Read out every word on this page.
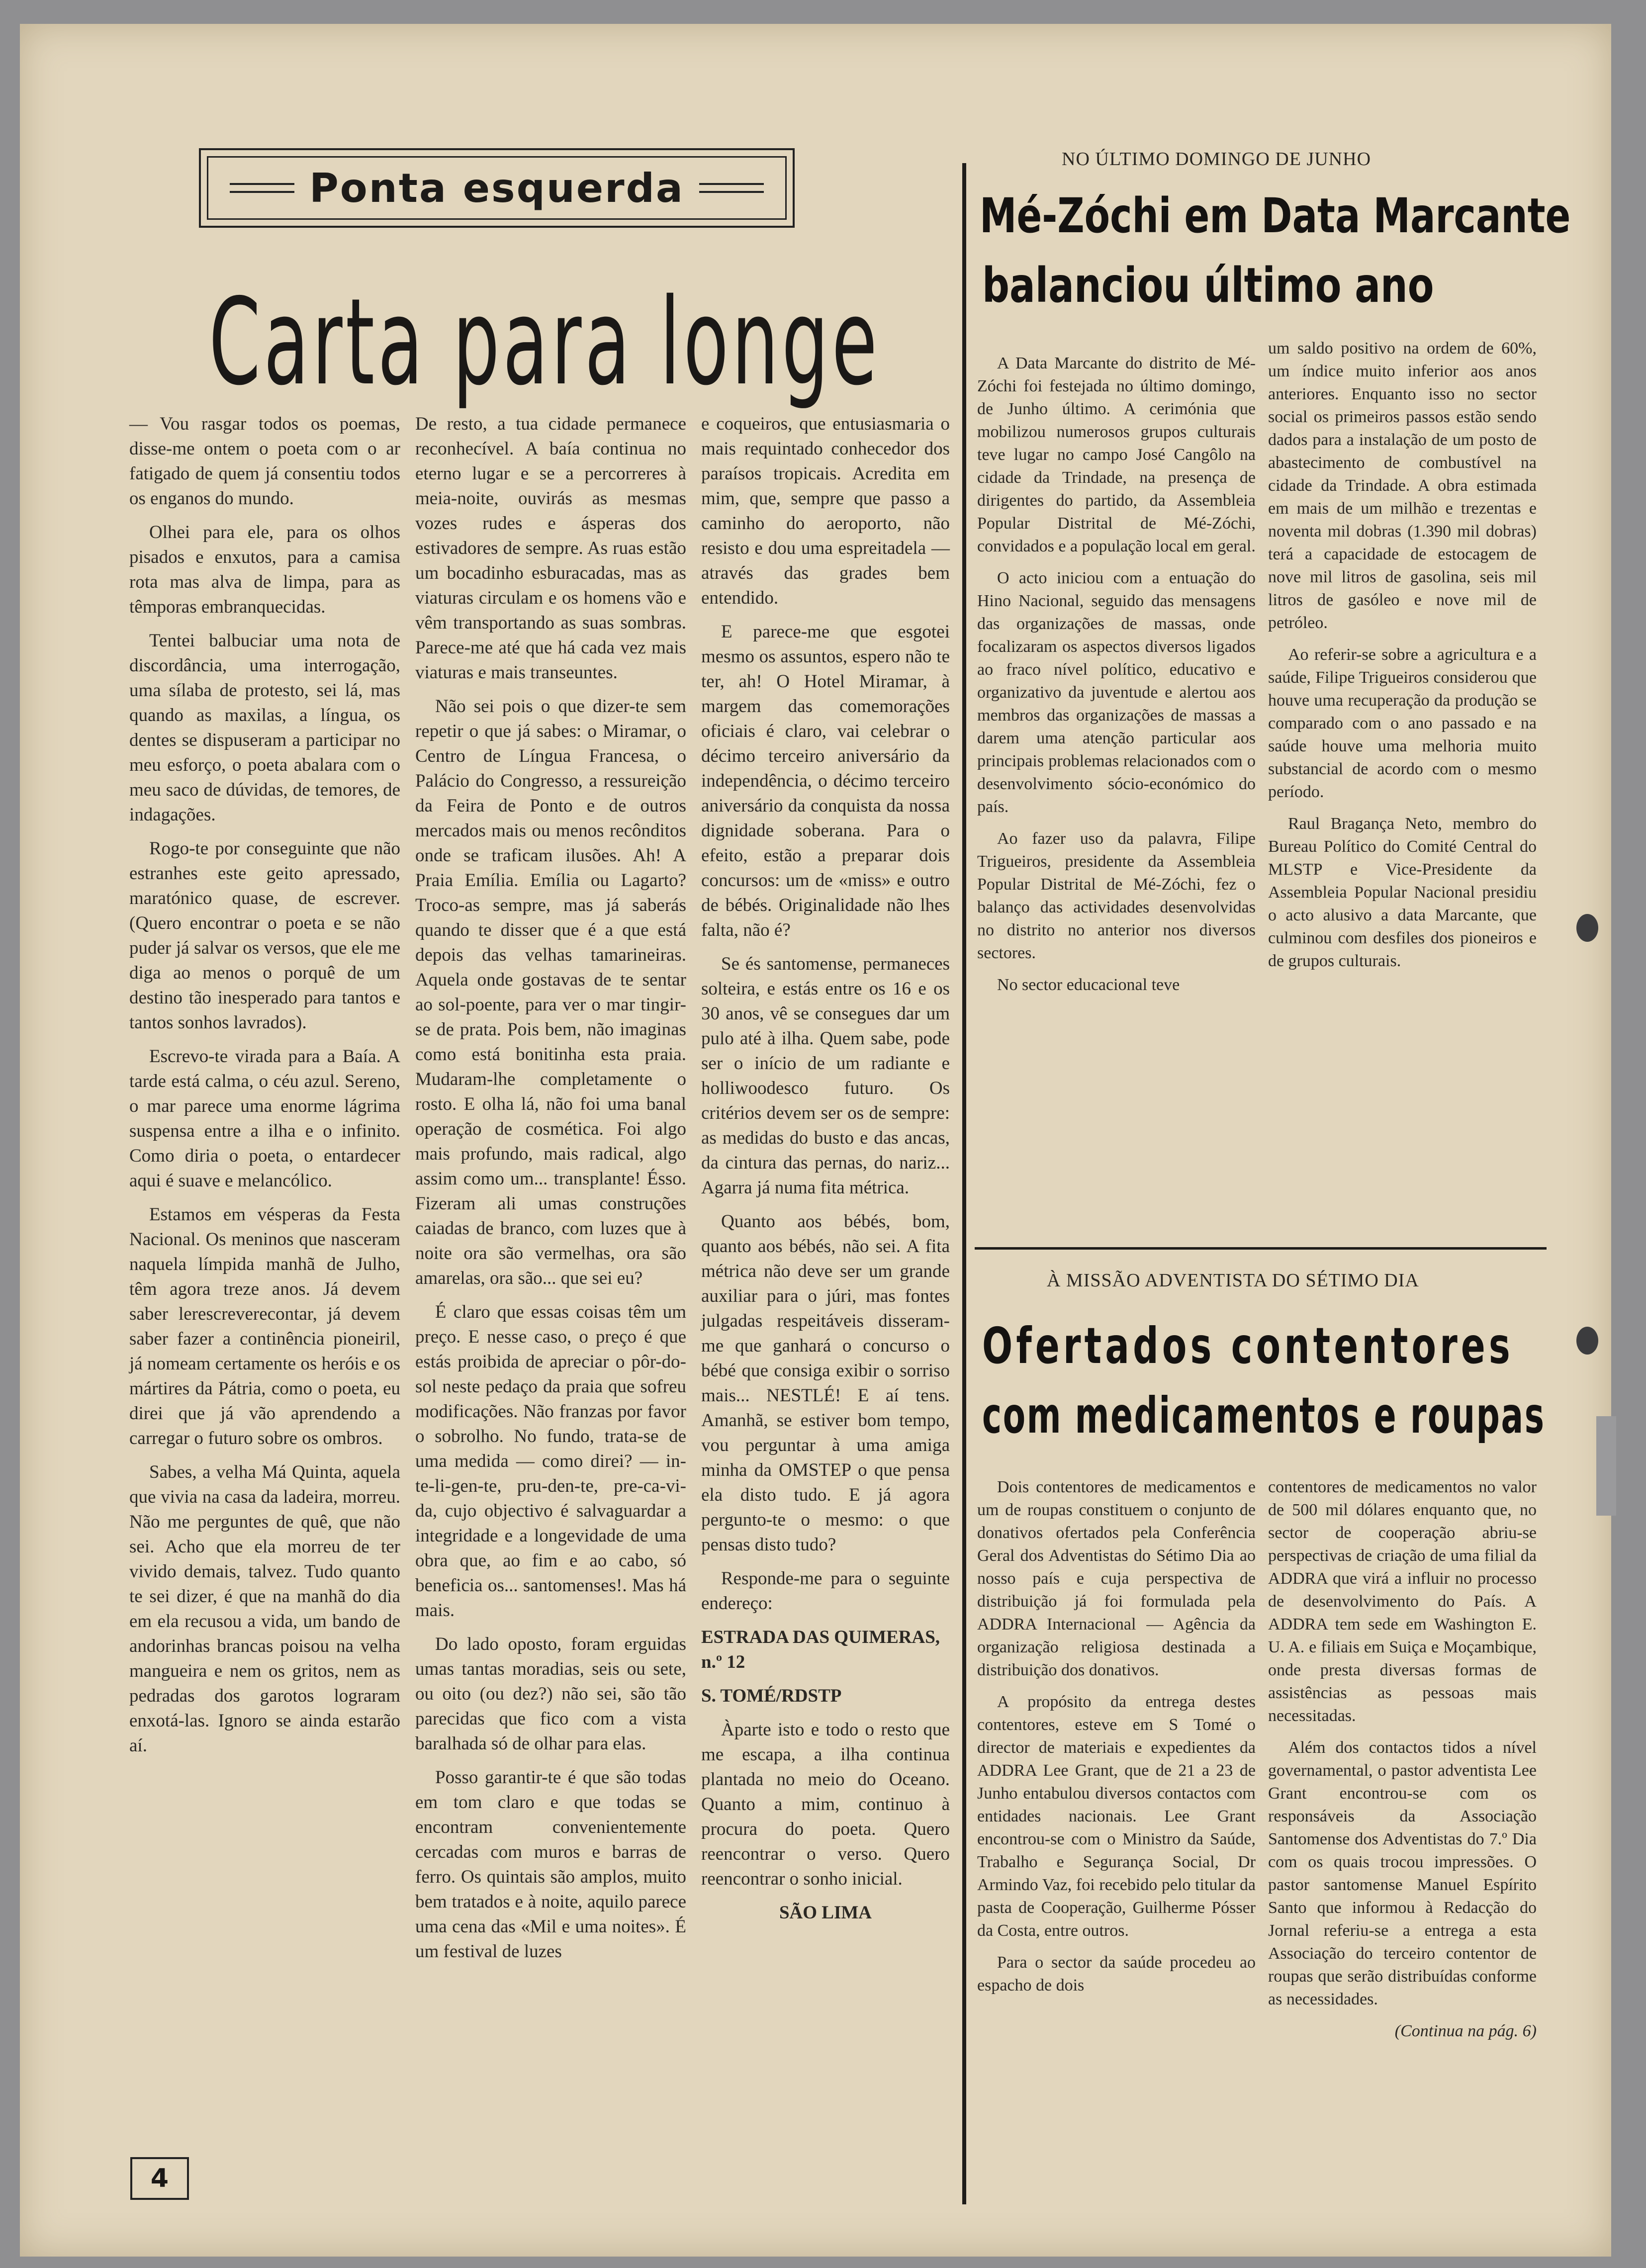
Ponta esquerda
Carta para longe

— Vou rasgar todos os poemas, disse-me ontem o poeta com o ar fatigado de quem já consentiu todos os enganos do mundo.

Olhei para ele, para os olhos pisados e enxutos, para a camisa rota mas alva de limpa, para as têmporas embranquecidas.

Tentei balbuciar uma nota de discordância, uma interrogação, uma sílaba de protesto, sei lá, mas quando as maxilas, a língua, os dentes se dispuseram a participar no meu esforço, o poeta abalara com o meu saco de dúvidas, de temores, de indagações.

Rogo-te por conseguinte que não estranhes este geito apressado, maratónico quase, de escrever. (Quero encontrar o poeta e se não puder já salvar os versos, que ele me diga ao menos o porquê de um destino tão inesperado para tantos e tantos sonhos lavrados).

Escrevo-te virada para a Baía. A tarde está calma, o céu azul. Sereno, o mar parece uma enorme lágrima suspensa entre a ilha e o infinito. Como diria o poeta, o entardecer aqui é suave e melancólico.

Estamos em vésperas da Festa Nacional. Os meninos que nasceram naquela límpida manhã de Julho, têm agora treze anos. Já devem saber lerescreverecontar, já devem saber fazer a continência pioneiril, já nomeam certamente os heróis e os mártires da Pátria, como o poeta, eu direi que já vão aprendendo a carregar o futuro sobre os ombros.

Sabes, a velha Má Quinta, aquela que vivia na casa da ladeira, morreu. Não me perguntes de quê, que não sei. Acho que ela morreu de ter vivido demais, talvez. Tudo quanto te sei dizer, é que na manhã do dia em ela recusou a vida, um bando de andorinhas brancas poisou na velha mangueira e nem os gritos, nem as pedradas dos garotos lograram enxotá-las. Ignoro se ainda estarão aí.

De resto, a tua cidade permanece reconhecível. A baía continua no eterno lugar e se a percorreres à meia-noite, ouvirás as mesmas vozes rudes e ásperas dos estivadores de sempre. As ruas estão um bocadinho esburacadas, mas as viaturas circulam e os homens vão e vêm transportando as suas sombras. Parece-me até que há cada vez mais viaturas e mais transeuntes.

Não sei pois o que dizer-te sem repetir o que já sabes: o Miramar, o Centro de Língua Francesa, o Palácio do Congresso, a ressureição da Feira de Ponto e de outros mercados mais ou menos recônditos onde se traficam ilusões. Ah! A Praia Emília. Emília ou Lagarto? Troco-as sempre, mas já saberás quando te disser que é a que está depois das velhas tamarineiras. Aquela onde gostavas de te sentar ao sol-poente, para ver o mar tingir-se de prata. Pois bem, não imaginas como está bonitinha esta praia. Mudaram-lhe completamente o rosto. E olha lá, não foi uma banal operação de cosmética. Foi algo mais profundo, mais radical, algo assim como um... transplante! Ésso. Fizeram ali umas construções caiadas de branco, com luzes que à noite ora são vermelhas, ora são amarelas, ora são... que sei eu?

É claro que essas coisas têm um preço. E nesse caso, o preço é que estás proibida de apreciar o pôr-do-sol neste pedaço da praia que sofreu modificações. Não franzas por favor o sobrolho. No fundo, trata-se de uma medida — como direi? — in-te-li-gen-te, pru-den-te, pre-ca-vi-da, cujo objectivo é salvaguardar a integridade e a longevidade de uma obra que, ao fim e ao cabo, só beneficia os... santomenses!. Mas há mais.

Do lado oposto, foram erguidas umas tantas moradias, seis ou sete, ou oito (ou dez?) não sei, são tão parecidas que fico com a vista baralhada só de olhar para elas.

Posso garantir-te é que são todas em tom claro e que todas se encontram convenientemente cercadas com muros e barras de ferro. Os quintais são amplos, muito bem tratados e à noite, aquilo parece uma cena das «Mil e uma noites». É um festival de luzes

e coqueiros, que entusiasmaria o mais requintado conhecedor dos paraísos tropicais. Acredita em mim, que, sempre que passo a caminho do aeroporto, não resisto e dou uma espreitadela — através das grades bem entendido.

E parece-me que esgotei mesmo os assuntos, espero não te ter, ah! O Hotel Miramar, à margem das comemorações oficiais é claro, vai celebrar o décimo terceiro aniversário da independência, o décimo terceiro aniversário da conquista da nossa dignidade soberana. Para o efeito, estão a preparar dois concursos: um de «miss» e outro de bébés. Originalidade não lhes falta, não é?

Se és santomense, permaneces solteira, e estás entre os 16 e os 30 anos, vê se consegues dar um pulo até à ilha. Quem sabe, pode ser o início de um radiante e holliwoodesco futuro. Os critérios devem ser os de sempre: as medidas do busto e das ancas, da cintura das pernas, do nariz... Agarra já numa fita métrica.

Quanto aos bébés, bom, quanto aos bébés, não sei. A fita métrica não deve ser um grande auxiliar para o júri, mas fontes julgadas respeitáveis disseram-me que ganhará o concurso o bébé que consiga exibir o sorriso mais... NESTLÉ! E aí tens. Amanhã, se estiver bom tempo, vou perguntar à uma amiga minha da OMSTEP o que pensa ela disto tudo. E já agora pergunto-te o mesmo: o que pensas disto tudo?

Responde-me para o seguinte endereço:

ESTRADA DAS QUIMERAS, n.º 12

S. TOMÉ/RDSTP

Àparte isto e todo o resto que me escapa, a ilha continua plantada no meio do Oceano. Quanto a mim, continuo à procura do poeta. Quero reencontrar o verso. Quero reencontrar o sonho inicial.

SÃO LIMA

NO ÚLTIMO DOMINGO DE JUNHO
Mé-Zóchi em Data Marcante
balanciou último ano

A Data Marcante do distrito de Mé-Zóchi foi festejada no último domingo, de Junho último. A cerimónia que mobilizou numerosos grupos culturais teve lugar no campo José Cangôlo na cidade da Trindade, na presença de dirigentes do partido, da Assembleia Popular Distrital de Mé-Zóchi, convidados e a população local em geral.

O acto iniciou com a entuação do Hino Nacional, seguido das mensagens das organizações de massas, onde focalizaram os aspectos diversos ligados ao fraco nível político, educativo e organizativo da juventude e alertou aos membros das organizações de massas a darem uma atenção particular aos principais problemas relacionados com o desenvolvimento sócio-económico do país.

Ao fazer uso da palavra, Filipe Trigueiros, presidente da Assembleia Popular Distrital de Mé-Zóchi, fez o balanço das actividades desenvolvidas no distrito no anterior nos diversos sectores.

No sector educacional teve

um saldo positivo na ordem de 60%, um índice muito inferior aos anos anteriores. Enquanto isso no sector social os primeiros passos estão sendo dados para a instalação de um posto de abastecimento de combustível na cidade da Trindade. A obra estimada em mais de um milhão e trezentas e noventa mil dobras (1.390 mil dobras) terá a capacidade de estocagem de nove mil litros de gasolina, seis mil litros de gasóleo e nove mil de petróleo.

Ao referir-se sobre a agricultura e a saúde, Filipe Trigueiros considerou que houve uma recuperação da produção se comparado com o ano passado e na saúde houve uma melhoria muito substancial de acordo com o mesmo período.

Raul Bragança Neto, membro do Bureau Político do Comité Central do MLSTP e Vice-Presidente da Assembleia Popular Nacional presidiu o acto alusivo a data Marcante, que culminou com desfiles dos pioneiros e de grupos culturais.

À MISSÃO ADVENTISTA DO SÉTIMO DIA
Ofertados contentores
com medicamentos e roupas

Dois contentores de medicamentos e um de roupas constituem o conjunto de donativos ofertados pela Conferência Geral dos Adventistas do Sétimo Dia ao nosso país e cuja perspectiva de distribuição já foi formulada pela ADDRA Internacional — Agência da organização religiosa destinada a distribuição dos donativos.

A propósito da entrega destes contentores, esteve em S Tomé o director de materiais e expedientes da ADDRA Lee Grant, que de 21 a 23 de Junho entabulou diversos contactos com entidades nacionais. Lee Grant encontrou-se com o Ministro da Saúde, Trabalho e Segurança Social, Dr Armindo Vaz, foi recebido pelo titular da pasta de Cooperação, Guilherme Pósser da Costa, entre outros.

Para o sector da saúde procedeu ao espacho de dois

contentores de medicamentos no valor de 500 mil dólares enquanto que, no sector de cooperação abriu-se perspectivas de criação de uma filial da ADDRA que virá a influir no processo de desenvolvimento do País. A ADDRA tem sede em Washington E. U. A. e filiais em Suiça e Moçambique, onde presta diversas formas de assistências as pessoas mais necessitadas.

Além dos contactos tidos a nível governamental, o pastor adventista Lee Grant encontrou-se com os responsáveis da Associação Santomense dos Adventistas do 7.º Dia com os quais trocou impressões. O pastor santomense Manuel Espírito Santo que informou à Redacção do Jornal referiu-se a entrega a esta Associação do terceiro contentor de roupas que serão distribuídas conforme as necessidades.

(Continua na pág. 6)

4
